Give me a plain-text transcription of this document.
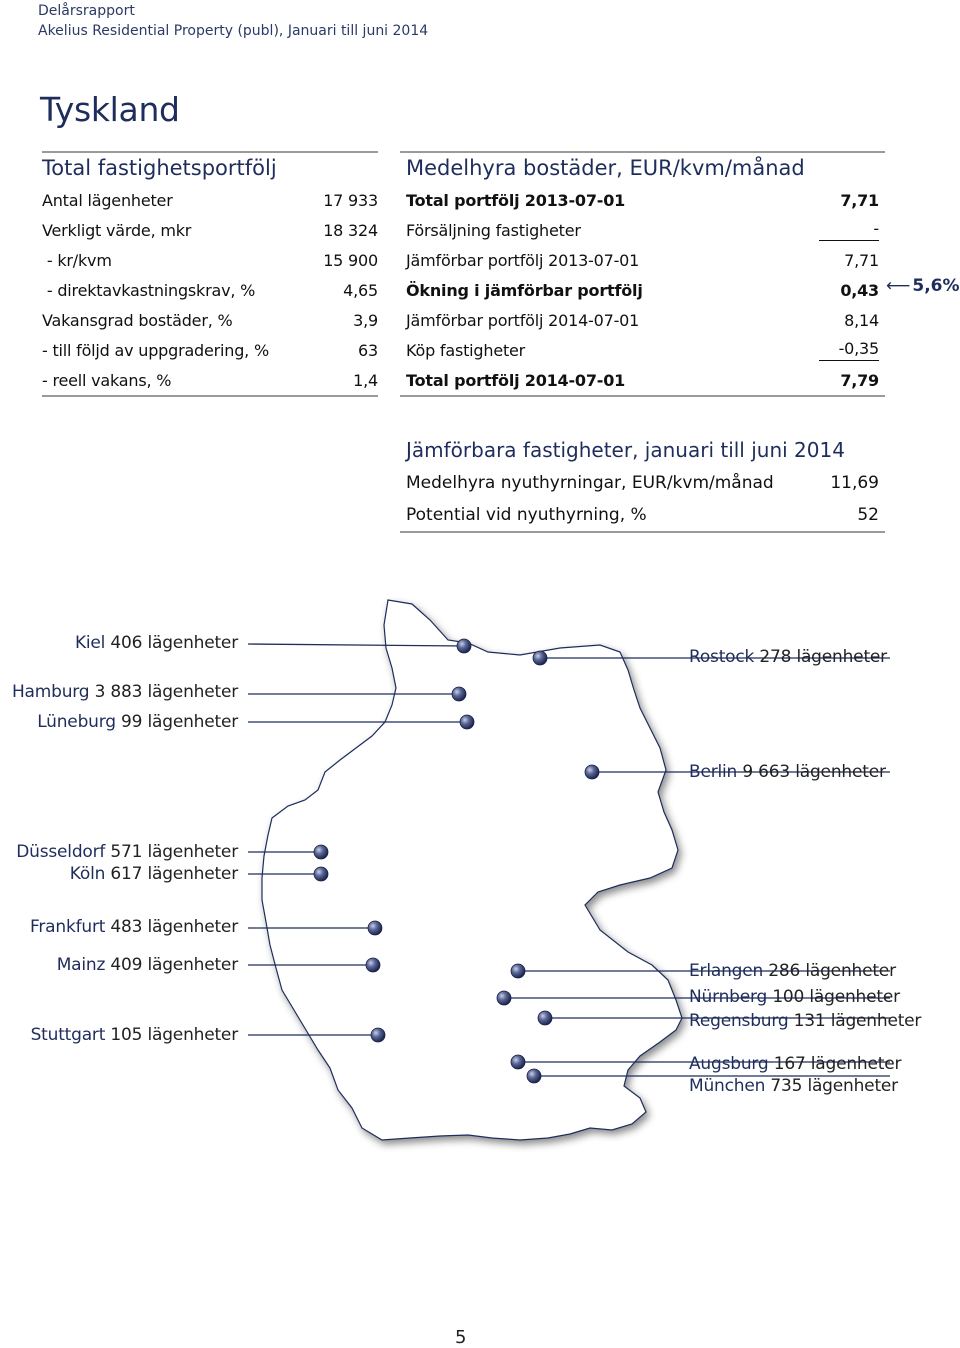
Delårsrapport
Akelius Residential Property (publ), Januari till juni 2014
Tyskland
Total fastighetsportfölj
Antal lägenheter	17 933
Verkligt värde, mkr	18 324
- kr/kvm	15 900
- direktavkastningskrav, %	4,65
Vakansgrad bostäder, %	3,9
- till följd av uppgradering, %	63
- reell vakans, %	1,4
Medelhyra bostäder, EUR/kvm/månad
Total portfölj 2013-07-01	7,71
Försäljning fastigheter	-
Jämförbar portfölj 2013-07-01	7,71
Ökning i jämförbar portfölj	0,43
Jämförbar portfölj 2014-07-01	8,14
Köp fastigheter	-0,35
Total portfölj 2014-07-01	7,79
⟵ 5,6%
Jämförbara fastigheter, januari till juni 2014
Medelhyra nyuthyrningar, EUR/kvm/månad	11,69
Potential vid nyuthyrning, %	52
Kiel 406 lägenheter
Hamburg 3 883 lägenheter
Lüneburg 99 lägenheter
Düsseldorf 571 lägenheter
Köln 617 lägenheter
Frankfurt 483 lägenheter
Mainz 409 lägenheter
Stuttgart 105 lägenheter
Rostock 278 lägenheter
Berlin 9 663 lägenheter
Erlangen 286 lägenheter
Nürnberg 100 lägenheter
Regensburg 131 lägenheter
Augsburg 167 lägenheter
München 735 lägenheter
5
